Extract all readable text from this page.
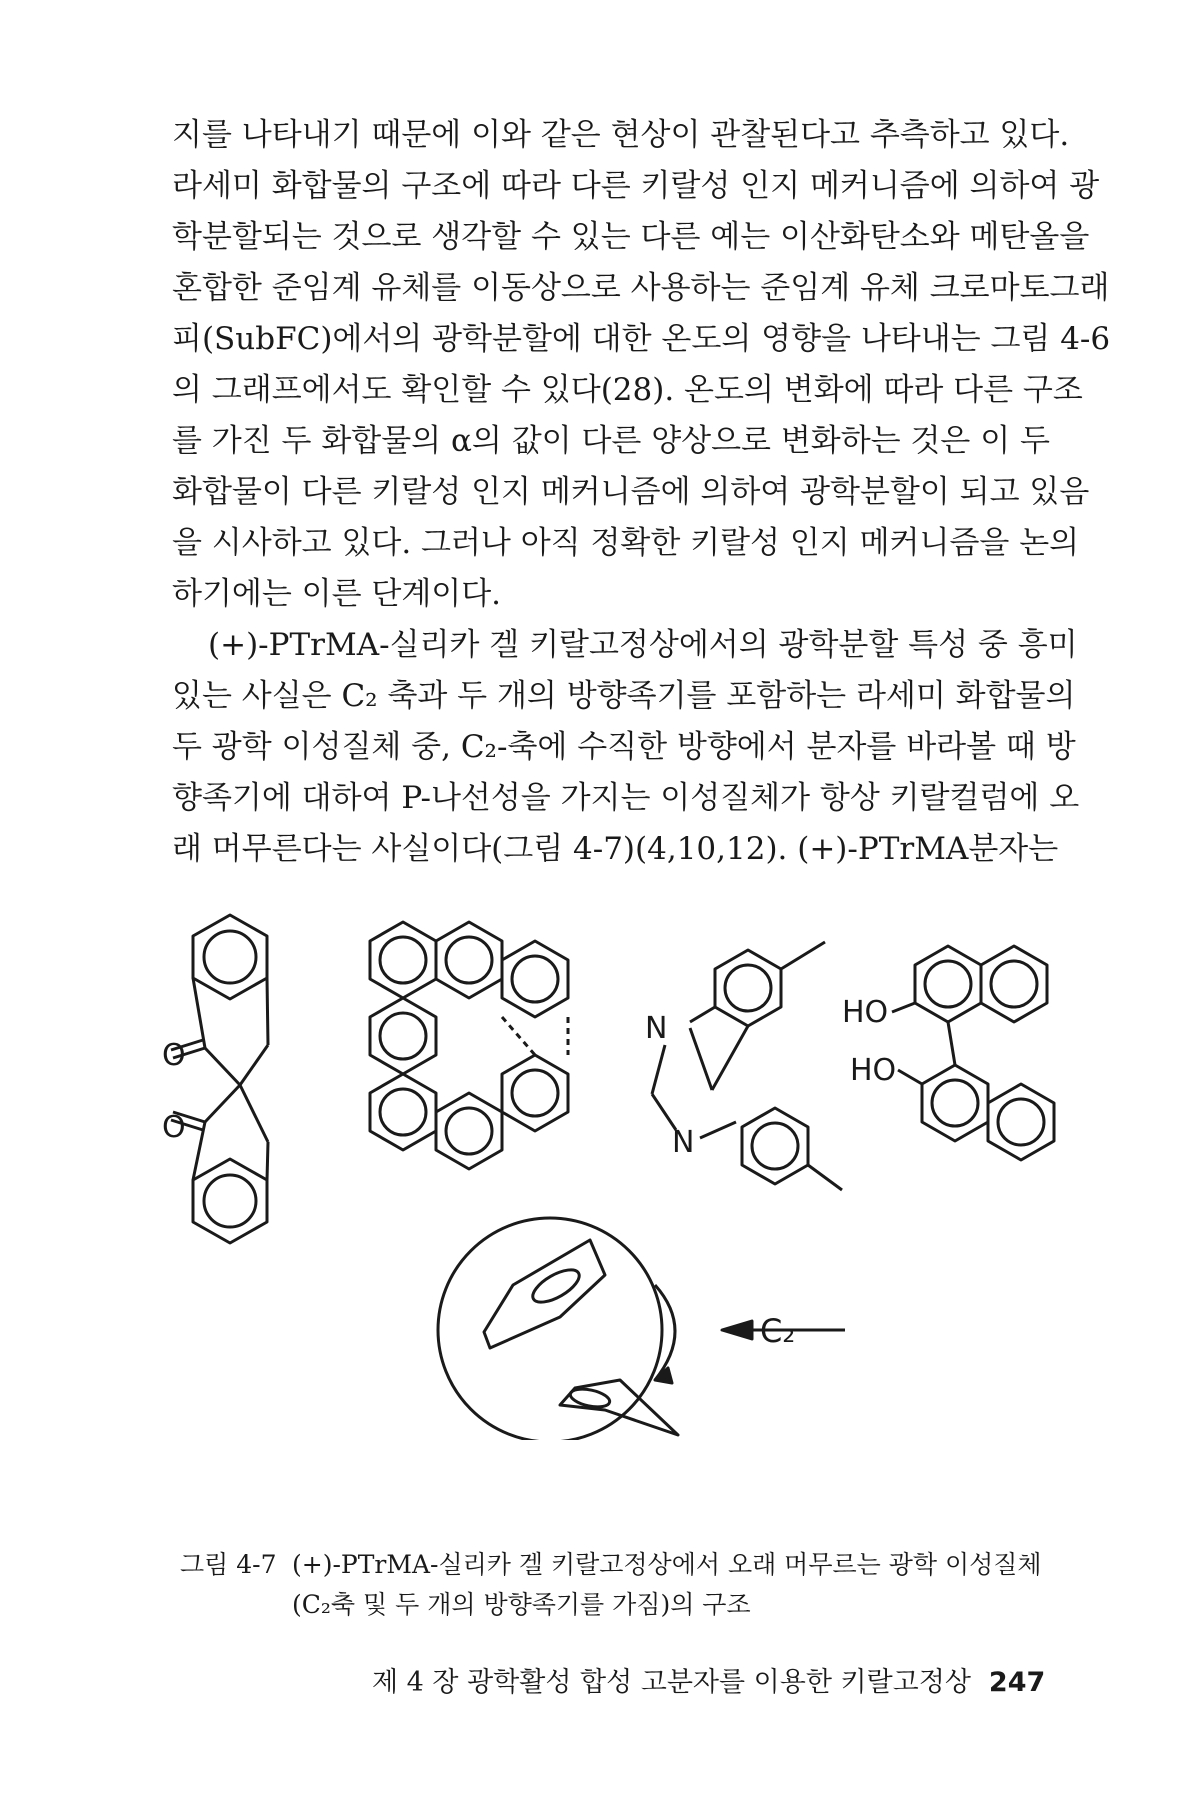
지를 나타내기 때문에 이와 같은 현상이 관찰된다고 추측하고 있다.
라세미 화합물의 구조에 따라 다른 키랄성 인지 메커니즘에 의하여 광
학분할되는 것으로 생각할 수 있는 다른 예는 이산화탄소와 메탄올을
혼합한 준임계 유체를 이동상으로 사용하는 준임계 유체 크로마토그래
피(SubFC)에서의 광학분할에 대한 온도의 영향을 나타내는 그림 4-6
의 그래프에서도 확인할 수 있다(28). 온도의 변화에 따라 다른 구조
를 가진 두 화합물의 α의 값이 다른 양상으로 변화하는 것은 이 두
화합물이 다른 키랄성 인지 메커니즘에 의하여 광학분할이 되고 있음
을 시사하고 있다. 그러나 아직 정확한 키랄성 인지 메커니즘을 논의
하기에는 이른 단계이다.
(+)-PTrMA-실리카 겔 키랄고정상에서의 광학분할 특성 중 흥미
있는 사실은 C₂ 축과 두 개의 방향족기를 포함하는 라세미 화합물의
두 광학 이성질체 중, C₂-축에 수직한 방향에서 분자를 바라볼 때 방
향족기에 대하여 P-나선성을 가지는 이성질체가 항상 키랄컬럼에 오
래 머무른다는 사실이다(그림 4-7)(4,10,12). (+)-PTrMA분자는
O
O
N
N
HO
HO
C₂
그림 4-7 (+)-PTrMA-실리카 겔 키랄고정상에서 오래 머무르는 광학 이성질체
(C₂축 및 두 개의 방향족기를 가짐)의 구조
제 4 장 광학활성 합성 고분자를 이용한 키랄고정상 247
